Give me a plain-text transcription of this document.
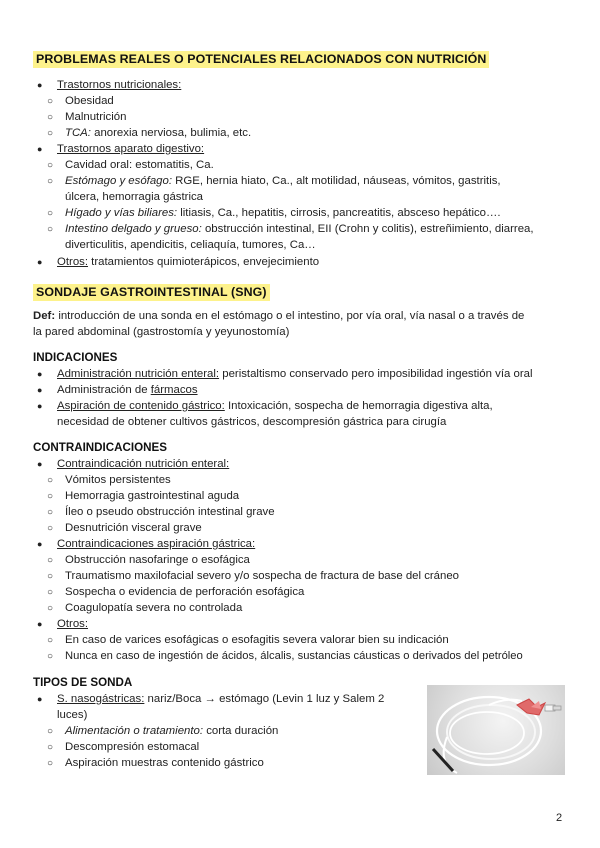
PROBLEMAS REALES O POTENCIALES RELACIONADOS CON NUTRICIÓN
● Trastornos nutricionales:
○ Obesidad
○ Malnutrición
○ TCA: anorexia nerviosa, bulimia, etc.
● Trastornos aparato digestivo:
○ Cavidad oral: estomatitis, Ca.
○ Estómago y esófago: RGE, hernia hiato, Ca., alt motilidad, náuseas, vómitos, gastritis,
úlcera, hemorragia gástrica
○ Hígado y vías biliares: litiasis, Ca., hepatitis, cirrosis, pancreatitis, absceso hepático….
○ Intestino delgado y grueso: obstrucción intestinal, EII (Crohn y colitis), estreñimiento, diarrea,
diverticulitis, apendicitis, celiaquía, tumores, Ca…
● Otros: tratamientos quimioterápicos, envejecimiento
SONDAJE GASTROINTESTINAL (SNG)
Def: introducción de una sonda en el estómago o el intestino, por vía oral, vía nasal o a través de
la pared abdominal (gastrostomía y yeyunostomía)
INDICACIONES
● Administración nutrición enteral: peristaltismo conservado pero imposibilidad ingestión vía oral
● Administración de fármacos
● Aspiración de contenido gástrico: Intoxicación, sospecha de hemorragia digestiva alta,
necesidad de obtener cultivos gástricos, descompresión gástrica para cirugía
CONTRAINDICACIONES
● Contraindicación nutrición enteral:
○ Vómitos persistentes
○ Hemorragia gastrointestinal aguda
○ Íleo o pseudo obstrucción intestinal grave
○ Desnutrición visceral grave
● Contraindicaciones aspiración gástrica:
○ Obstrucción nasofaringe o esofágica
○ Traumatismo maxilofacial severo y/o sospecha de fractura de base del cráneo
○ Sospecha o evidencia de perforación esofágica
○ Coagulopatía severa no controlada
● Otros:
○ En caso de varices esofágicas o esofagitis severa valorar bien su indicación
○ Nunca en caso de ingestión de ácidos, álcalis, sustancias cáusticas o derivados del petróleo
TIPOS DE SONDA
● S. nasogástricas: nariz/Boca → estómago (Levin 1 luz y Salem 2
luces)
○ Alimentación o tratamiento: corta duración
○ Descompresión estomacal
○ Aspiración muestras contenido gástrico
2
